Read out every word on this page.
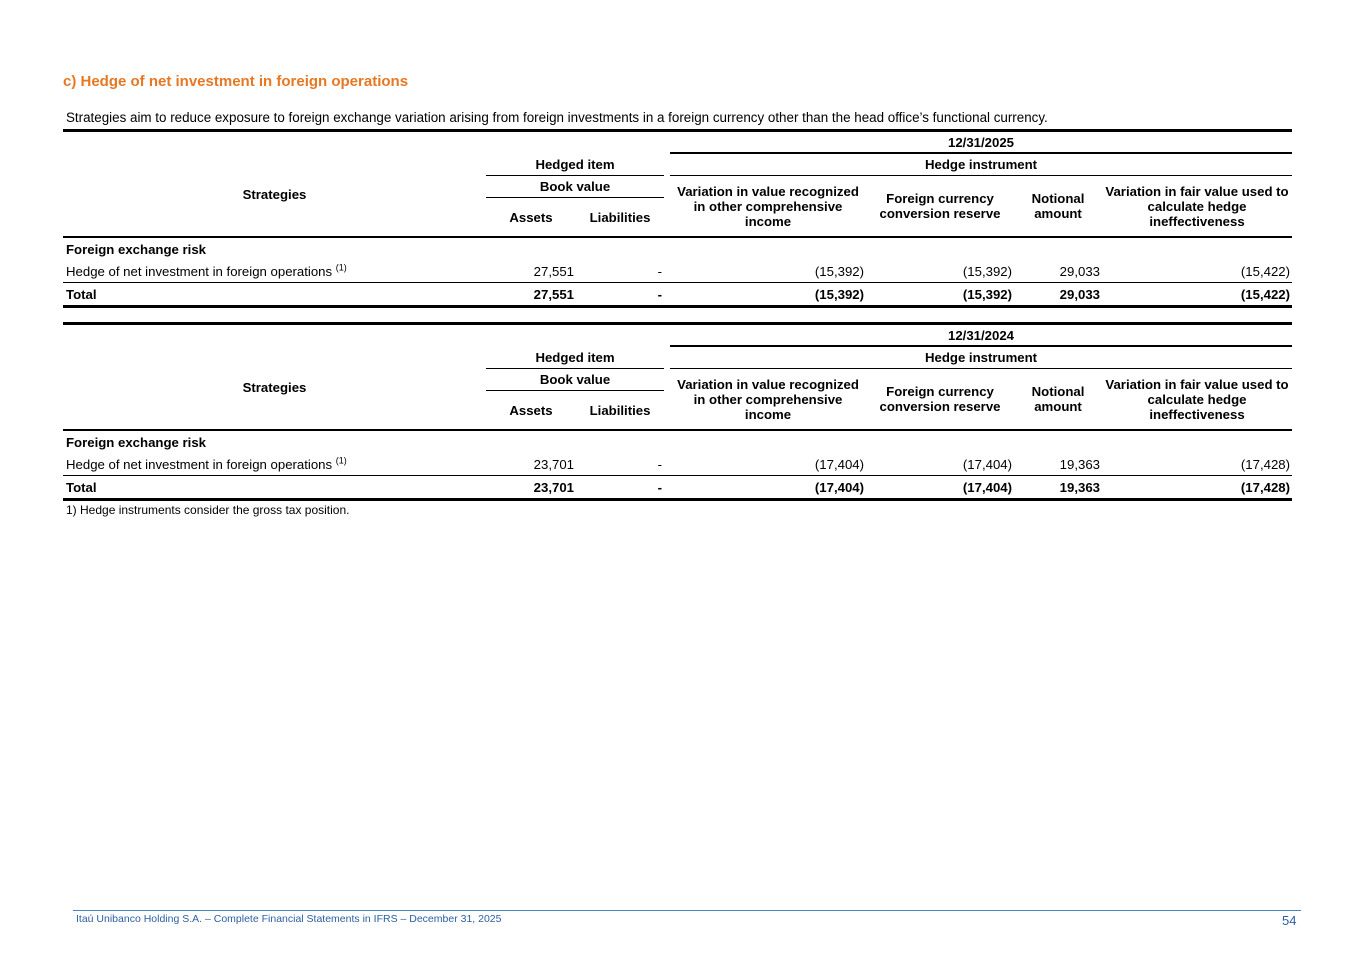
c) Hedge of net investment in foreign operations
Strategies aim to reduce exposure to foreign exchange variation arising from foreign investments in a foreign currency other than the head office’s functional currency.
				12/31/2025			
Strategies	Hedged item			Hedge instrument			
	Book value			Variation in value recognized in other comprehensive income	Foreign currency conversion reserve	Notional amount	Variation in fair value used to calculate hedge ineffectiveness
	Assets	Liabilities					
Foreign exchange risk							
Hedge of net investment in foreign operations $^{(1)}$	27,551	-		(15,392)	(15,392)	29,033	(15,422)
Total	27,551	-		(15,392)	(15,392)	29,033	(15,422)
				12/31/2024			
Strategies	Hedged item			Hedge instrument			
	Book value			Variation in value recognized in other comprehensive income	Foreign currency conversion reserve	Notional amount	Variation in fair value used to calculate hedge ineffectiveness
	Assets	Liabilities					
Foreign exchange risk							
Hedge of net investment in foreign operations $^{(1)}$	23,701	-		(17,404)	(17,404)	19,363	(17,428)
Total	23,701	-		(17,404)	(17,404)	19,363	(17,428)
1) Hedge instruments consider the gross tax position.
Itaú Unibanco Holding S.A. – Complete Financial Statements in IFRS – December 31, 2025	54
